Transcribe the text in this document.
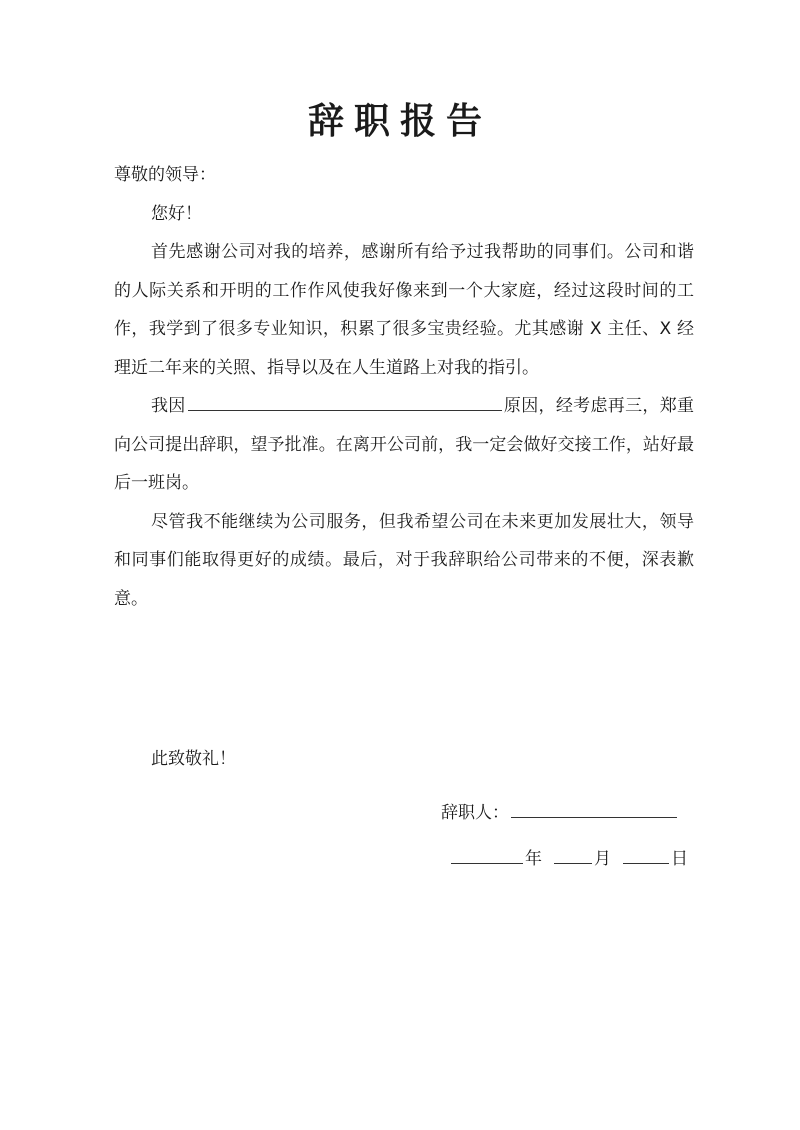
辞职报告

尊敬的领导：

您好！

首先感谢公司对我的培养，感谢所有给予过我帮助的同事们。公司和谐的人际关系和开明的工作作风使我好像来到一个大家庭，经过这段时间的工作，我学到了很多专业知识，积累了很多宝贵经验。尤其感谢 X 主任、X 经理近二年来的关照、指导以及在人生道路上对我的指引。

我因	原因，经考虑再三，郑重向公司提出辞职，望予批准。在离开公司前，我一定会做好交接工作，站好最后一班岗。

尽管我不能继续为公司服务，但我希望公司在未来更加发展壮大，领导和同事们能取得更好的成绩。最后，对于我辞职给公司带来的不便，深表歉意。

此致敬礼！
辞职人：
年	月	日
